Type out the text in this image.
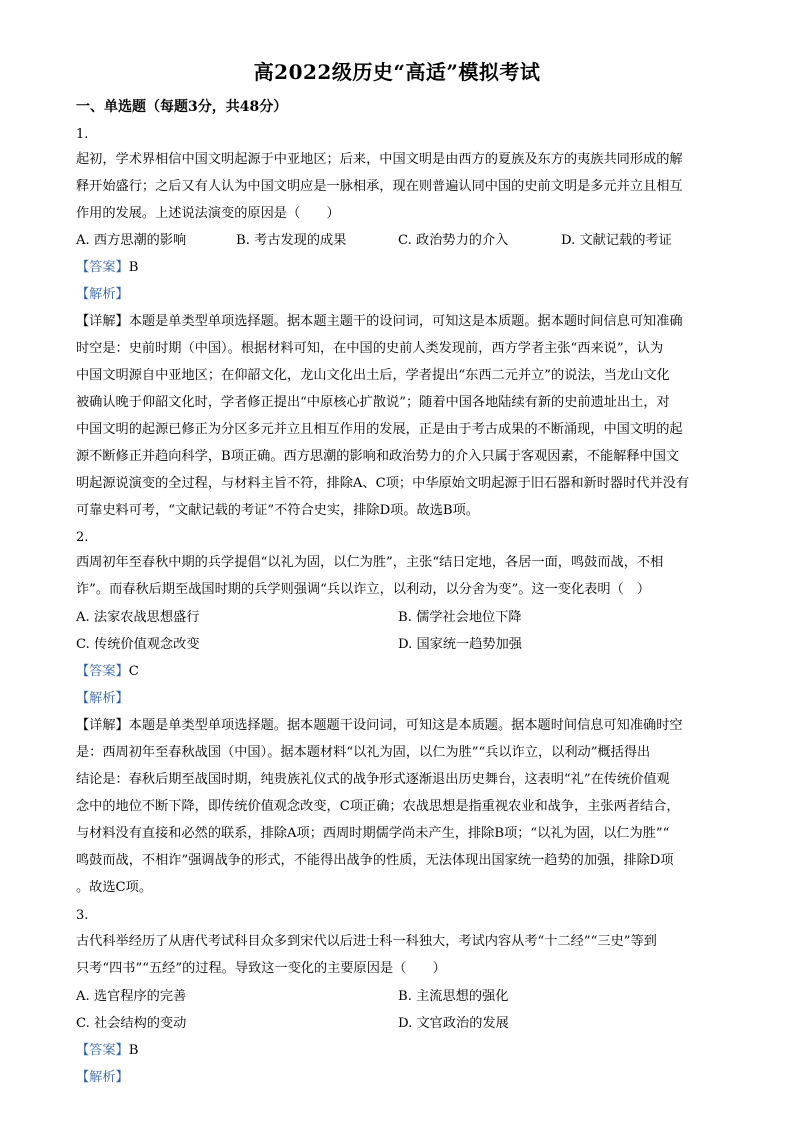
高2022级历史“高适”模拟考试
一、单选题（每题3分，共48分）
1.
起初，学术界相信中国文明起源于中亚地区；后来，中国文明是由西方的夏族及东方的夷族共同形成的解
释开始盛行；之后又有人认为中国文明应是一脉相承，现在则普遍认同中国的史前文明是多元并立且相互
作用的发展。上述说法演变的原因是（　　）
A. 西方思潮的影响	B. 考古发现的成果	C. 政治势力的介入	D. 文献记载的考证
【答案】B
【解析】
【详解】本题是单类型单项选择题。据本题主题干的设问词，可知这是本质题。据本题时间信息可知准确
时空是：史前时期（中国）。根据材料可知，在中国的史前人类发现前，西方学者主张“西来说”，认为
中国文明源自中亚地区；在仰韶文化，龙山文化出土后，学者提出“东西二元并立”的说法，当龙山文化
被确认晚于仰韶文化时，学者修正提出“中原核心扩散说”；随着中国各地陆续有新的史前遗址出土，对
中国文明的起源已修正为分区多元并立且相互作用的发展，正是由于考古成果的不断涌现，中国文明的起
源不断修正并趋向科学，B项正确。西方思潮的影响和政治势力的介入只属于客观因素，不能解释中国文
明起源说演变的全过程，与材料主旨不符，排除A、C项；中华原始文明起源于旧石器和新时器时代并没有
可靠史料可考，“文献记载的考证”不符合史实，排除D项。故选B项。
2.
西周初年至春秋中期的兵学提倡“以礼为固，以仁为胜”，主张“结日定地，各居一面，鸣鼓而战，不相
诈”。而春秋后期至战国时期的兵学则强调“兵以诈立，以利动，以分舍为变”。这一变化表明（　）
A. 法家农战思想盛行	B. 儒学社会地位下降
C. 传统价值观念改变	D. 国家统一趋势加强
【答案】C
【解析】
【详解】本题是单类型单项选择题。据本题题干设问词，可知这是本质题。据本题时间信息可知准确时空
是：西周初年至春秋战国（中国）。据本题材料“以礼为固，以仁为胜”“兵以诈立，以利动”概括得出
结论是：春秋后期至战国时期，纯贵族礼仪式的战争形式逐渐退出历史舞台，这表明“礼”在传统价值观
念中的地位不断下降，即传统价值观念改变，C项正确；农战思想是指重视农业和战争，主张两者结合，
与材料没有直接和必然的联系，排除A项；西周时期儒学尚未产生，排除B项；“以礼为固，以仁为胜”“
鸣鼓而战，不相诈”强调战争的形式，不能得出战争的性质，无法体现出国家统一趋势的加强，排除D项
。故选C项。
3.
古代科举经历了从唐代考试科目众多到宋代以后进士科一科独大，考试内容从考“十二经”“三史”等到
只考“四书”“五经”的过程。导致这一变化的主要原因是（　　）
A. 选官程序的完善	B. 主流思想的强化
C. 社会结构的变动	D. 文官政治的发展
【答案】B
【解析】
